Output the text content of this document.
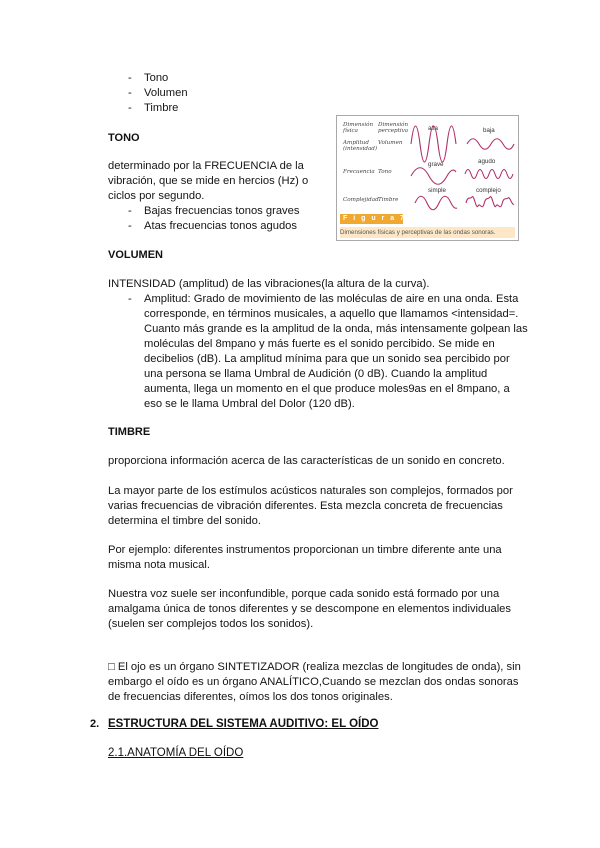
- Tono
- Volumen
- Timbre
TONO
determinado por la FRECUENCIA de la
vibración, que se mide en hercios (Hz) o
ciclos por segundo.
- Bajas frecuencias tonos graves
- Atas frecuencias tonos agudos
Dimensión
física
Dimensión
perceptiva
Amplitud
(intensidad)
Volumen
Frecuencia Tono
Complejidad Timbre
alta	baja
grave	agudo
simple	complejo
F i g u r a 7 . 2
Dimensiones físicas y perceptivas de las ondas sonoras.
VOLUMEN
INTENSIDAD (amplitud) de las vibraciones(la altura de la curva).
- Amplitud: Grado de movimiento de las moléculas de aire en una onda. Esta
corresponde, en términos musicales, a aquello que llamamos <intensidad=.
Cuanto más grande es la amplitud de la onda, más intensamente golpean las
moléculas del 8mpano y más fuerte es el sonido percibido. Se mide en
decibelios (dB). La amplitud mínima para que un sonido sea percibido por
una persona se llama Umbral de Audición (0 dB). Cuando la amplitud
aumenta, llega un momento en el que produce moles9as en el 8mpano, a
eso se le llama Umbral del Dolor (120 dB).
TIMBRE
proporciona información acerca de las características de un sonido en concreto.
La mayor parte de los estímulos acústicos naturales son complejos, formados por
varias frecuencias de vibración diferentes. Esta mezcla concreta de frecuencias
determina el timbre del sonido.
Por ejemplo: diferentes instrumentos proporcionan un timbre diferente ante una
misma nota musical.
Nuestra voz suele ser inconfundible, porque cada sonido está formado por una
amalgama única de tonos diferentes y se descompone en elementos individuales
(suelen ser complejos todos los sonidos).
□ El ojo es un órgano SINTETIZADOR (realiza mezclas de longitudes de onda), sin
embargo el oído es un órgano ANALÍTICO,Cuando se mezclan dos ondas sonoras
de frecuencias diferentes, oímos los dos tonos originales.
2. ESTRUCTURA DEL SISTEMA AUDITIVO: EL OÍDO
2.1.ANATOMÍA DEL OÍDO
